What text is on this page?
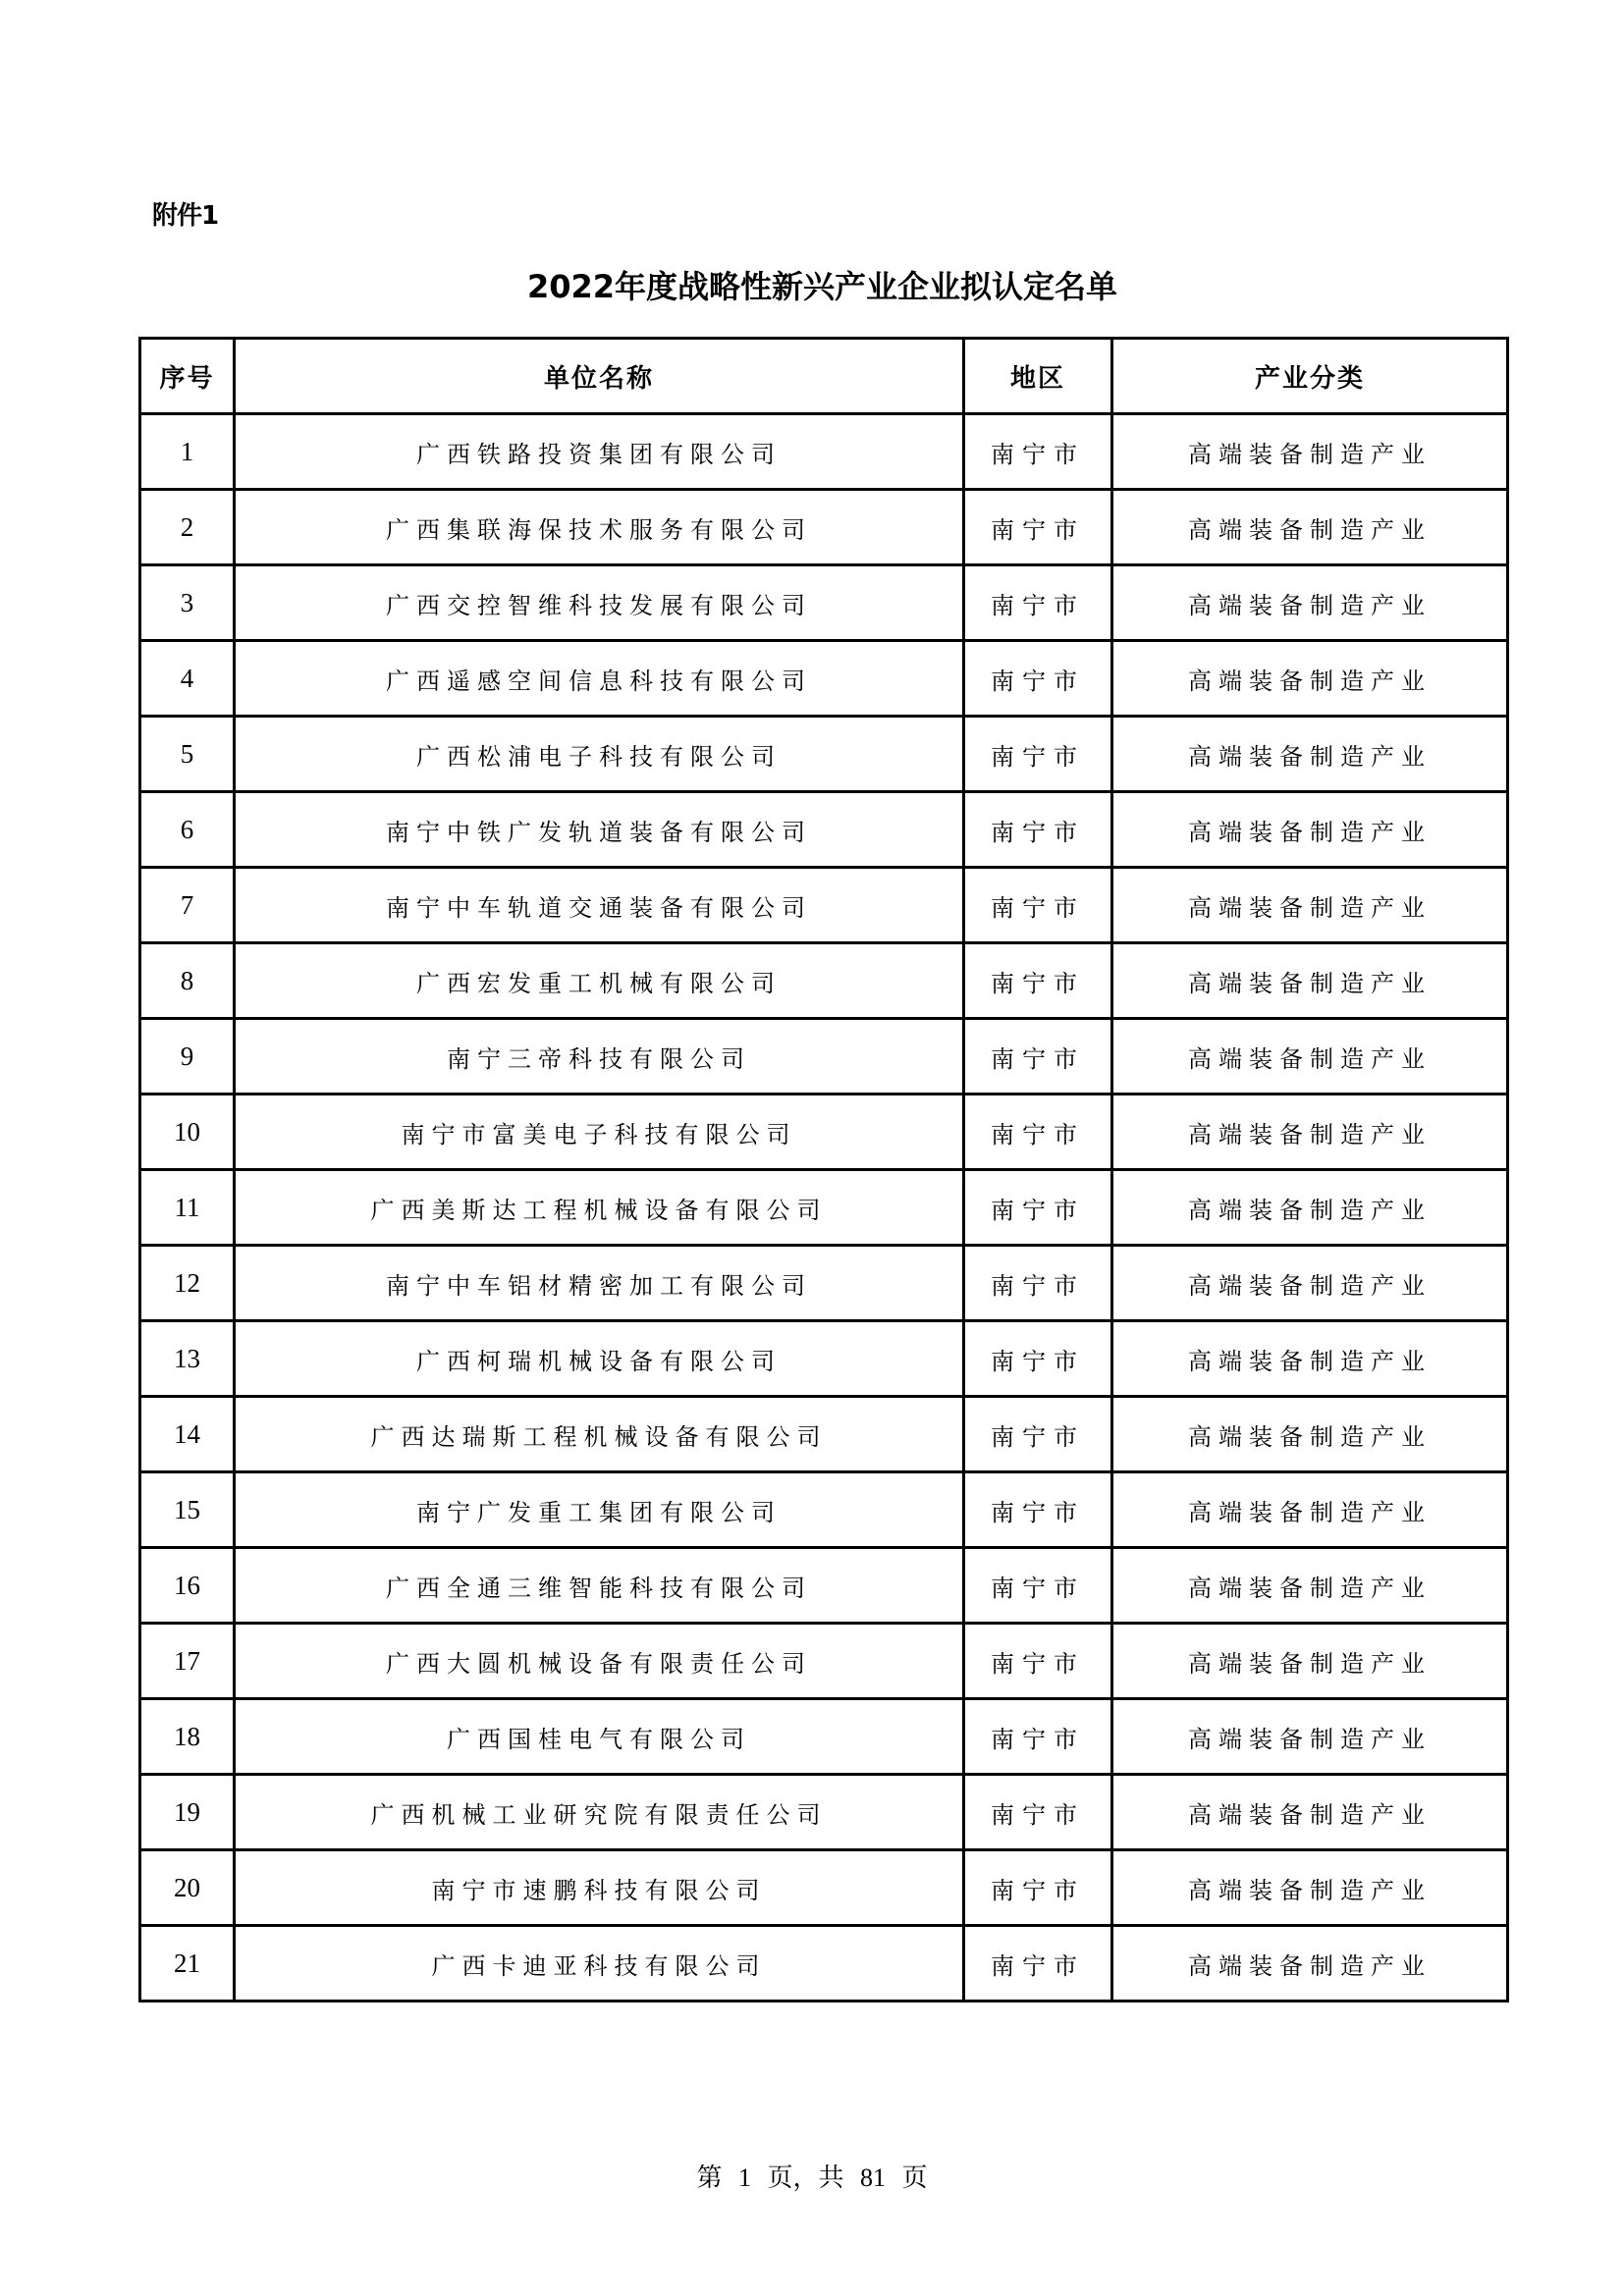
附件1
2022年度战略性新兴产业企业拟认定名单
序号	单位名称	地区	产业分类
1	广西铁路投资集团有限公司	南宁市	高端装备制造产业
2	广西集联海保技术服务有限公司	南宁市	高端装备制造产业
3	广西交控智维科技发展有限公司	南宁市	高端装备制造产业
4	广西遥感空间信息科技有限公司	南宁市	高端装备制造产业
5	广西松浦电子科技有限公司	南宁市	高端装备制造产业
6	南宁中铁广发轨道装备有限公司	南宁市	高端装备制造产业
7	南宁中车轨道交通装备有限公司	南宁市	高端装备制造产业
8	广西宏发重工机械有限公司	南宁市	高端装备制造产业
9	南宁三帝科技有限公司	南宁市	高端装备制造产业
10	南宁市富美电子科技有限公司	南宁市	高端装备制造产业
11	广西美斯达工程机械设备有限公司	南宁市	高端装备制造产业
12	南宁中车铝材精密加工有限公司	南宁市	高端装备制造产业
13	广西柯瑞机械设备有限公司	南宁市	高端装备制造产业
14	广西达瑞斯工程机械设备有限公司	南宁市	高端装备制造产业
15	南宁广发重工集团有限公司	南宁市	高端装备制造产业
16	广西全通三维智能科技有限公司	南宁市	高端装备制造产业
17	广西大圆机械设备有限责任公司	南宁市	高端装备制造产业
18	广西国桂电气有限公司	南宁市	高端装备制造产业
19	广西机械工业研究院有限责任公司	南宁市	高端装备制造产业
20	南宁市速鹏科技有限公司	南宁市	高端装备制造产业
21	广西卡迪亚科技有限公司	南宁市	高端装备制造产业
第 1 页，共 81 页
